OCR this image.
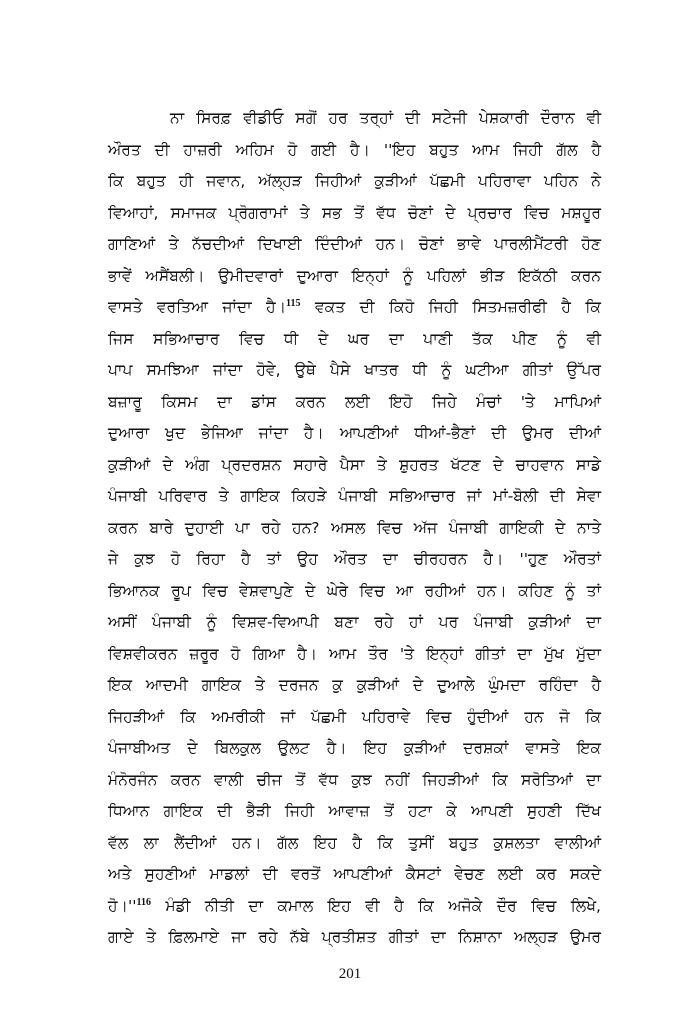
ਨਾ ਸਿਰਫ਼ ਵੀਡੀਓ ਸਗੋਂ ਹਰ ਤਰ੍ਹਾਂ ਦੀ ਸਟੇਜੀ ਪੇਸ਼ਕਾਰੀ ਦੌਰਾਨ ਵੀ
ਔਰਤ ਦੀ ਹਾਜ਼ਰੀ ਅਹਿਮ ਹੋ ਗਈ ਹੈ। ''ਇਹ ਬਹੁਤ ਆਮ ਜਿਹੀ ਗੱਲ ਹੈ
ਕਿ ਬਹੁਤ ਹੀ ਜਵਾਨ, ਅੱਲ੍ਹੜ ਜਿਹੀਆਂ ਕੁੜੀਆਂ ਪੱਛਮੀ ਪਹਿਰਾਵਾ ਪਹਿਨ ਨੇ
ਵਿਆਹਾਂ, ਸਮਾਜਕ ਪ੍ਰੋਗਰਾਮਾਂ ਤੇ ਸਭ ਤੋਂ ਵੱਧ ਚੋਣਾਂ ਦੇ ਪ੍ਰਚਾਰ ਵਿਚ ਮਸ਼ਹੂਰ
ਗਾਣਿਆਂ ਤੇ ਨੱਚਦੀਆਂ ਦਿਖਾਈ ਦਿੰਦੀਆਂ ਹਨ। ਚੋਣਾਂ ਭਾਵੇ ਪਾਰਲੀਮੈਂਟਰੀ ਹੋਣ
ਭਾਵੇਂ ਅਸੈਂਬਲੀ। ਉਮੀਦਵਾਰਾਂ ਦੁਆਰਾ ਇਨ੍ਹਾਂ ਨੂੰ ਪਹਿਲਾਂ ਭੀੜ ਇਕੱਠੀ ਕਰਨ
ਵਾਸਤੇ ਵਰਤਿਆ ਜਾਂਦਾ ਹੈ।$^{115}$ ਵਕਤ ਦੀ ਕਿਹੋ ਜਿਹੀ ਸਿਤਮਜ਼ਰੀਫੀ ਹੈ ਕਿ
ਜਿਸ ਸਭਿਆਚਾਰ ਵਿਚ ਧੀ ਦੇ ਘਰ ਦਾ ਪਾਣੀ ਤੱਕ ਪੀਣ ਨੂੰ ਵੀ
ਪਾਪ ਸਮਝਿਆ ਜਾਂਦਾ ਹੋਵੇ, ਉਥੇ ਪੈਸੇ ਖਾਤਰ ਧੀ ਨੂੰ ਘਟੀਆ ਗੀਤਾਂ ਉੱਪਰ
ਬਜ਼ਾਰੂ ਕਿਸਮ ਦਾ ਡਾਂਸ ਕਰਨ ਲਈ ਇਹੋ ਜਿਹੇ ਮੰਚਾਂ 'ਤੇ ਮਾਪਿਆਂ
ਦੁਆਰਾ ਖੁਦ ਭੇਜਿਆ ਜਾਂਦਾ ਹੈ। ਆਪਣੀਆਂ ਧੀਆਂ-ਭੈਣਾਂ ਦੀ ਉਮਰ ਦੀਆਂ
ਕੁੜੀਆਂ ਦੇ ਅੰਗ ਪ੍ਰਦਰਸ਼ਨ ਸਹਾਰੇ ਪੈਸਾ ਤੇ ਸ਼ੁਹਰਤ ਖੱਟਣ ਦੇ ਚਾਹਵਾਨ ਸਾਡੇ
ਪੰਜਾਬੀ ਪਰਿਵਾਰ ਤੇ ਗਾਇਕ ਕਿਹੜੇ ਪੰਜਾਬੀ ਸਭਿਆਚਾਰ ਜਾਂ ਮਾਂ-ਬੋਲੀ ਦੀ ਸੇਵਾ
ਕਰਨ ਬਾਰੇ ਦੁਹਾਈ ਪਾ ਰਹੇ ਹਨ? ਅਸਲ ਵਿਚ ਅੱਜ ਪੰਜਾਬੀ ਗਾਇਕੀ ਦੇ ਨਾਤੇ
ਜੇ ਕੁਝ ਹੋ ਰਿਹਾ ਹੈ ਤਾਂ ਉਹ ਔਰਤ ਦਾ ਚੀਰਹਰਨ ਹੈ। ''ਹੁਣ ਔਰਤਾਂ
ਭਿਆਨਕ ਰੂਪ ਵਿਚ ਵੇਸ਼ਵਾਪੁਣੇ ਦੇ ਘੇਰੇ ਵਿਚ ਆ ਰਹੀਆਂ ਹਨ। ਕਹਿਣ ਨੂੰ ਤਾਂ
ਅਸੀਂ ਪੰਜਾਬੀ ਨੂੰ ਵਿਸ਼ਵ-ਵਿਆਪੀ ਬਣਾ ਰਹੇ ਹਾਂ ਪਰ ਪੰਜਾਬੀ ਕੁੜੀਆਂ ਦਾ
ਵਿਸ਼ਵੀਕਰਨ ਜ਼ਰੂਰ ਹੋ ਗਿਆ ਹੈ। ਆਮ ਤੌਰ 'ਤੇ ਇਨ੍ਹਾਂ ਗੀਤਾਂ ਦਾ ਮੁੱਖ ਮੁੱਦਾ
ਇਕ ਆਦਮੀ ਗਾਇਕ ਤੇ ਦਰਜਨ ਕੁ ਕੁੜੀਆਂ ਦੇ ਦੁਆਲੇ ਘੁੰਮਦਾ ਰਹਿੰਦਾ ਹੈ
ਜਿਹੜੀਆਂ ਕਿ ਅਮਰੀਕੀ ਜਾਂ ਪੱਛਮੀ ਪਹਿਰਾਵੇ ਵਿਚ ਹੁੰਦੀਆਂ ਹਨ ਜੋ ਕਿ
ਪੰਜਾਬੀਅਤ ਦੇ ਬਿਲਕੁਲ ਉਲਟ ਹੈ। ਇਹ ਕੁੜੀਆਂ ਦਰਸ਼ਕਾਂ ਵਾਸਤੇ ਇਕ
ਮੰਨੋਰਜੰਨ ਕਰਨ ਵਾਲੀ ਚੀਜ ਤੋਂ ਵੱਧ ਕੁਝ ਨਹੀਂ ਜਿਹੜੀਆਂ ਕਿ ਸਰੋਤਿਆਂ ਦਾ
ਧਿਆਨ ਗਾਇਕ ਦੀ ਭੈੜੀ ਜਿਹੀ ਆਵਾਜ਼ ਤੋਂ ਹਟਾ ਕੇ ਆਪਣੀ ਸੁਹਣੀ ਦਿੱਖ
ਵੱਲ ਲਾ ਲੈਂਦੀਆਂ ਹਨ। ਗੱਲ ਇਹ ਹੈ ਕਿ ਤੁਸੀਂ ਬਹੁਤ ਕੁਸ਼ਲਤਾ ਵਾਲੀਆਂ
ਅਤੇ ਸੁਹਣੀਆਂ ਮਾਡਲਾਂ ਦੀ ਵਰਤੋਂ ਆਪਣੀਆਂ ਕੈਸਟਾਂ ਵੇਚਣ ਲਈ ਕਰ ਸਕਦੇ
$ਹੋ।''^{116}$ ਮੰਡੀ ਨੀਤੀ ਦਾ ਕਮਾਲ ਇਹ ਵੀ ਹੈ ਕਿ ਅਜੋਕੇ ਦੌਰ ਵਿਚ ਲਿਖੇ,
ਗਾਏ ਤੇ ਫ਼ਿਲਮਾਏ ਜਾ ਰਹੇ ਨੱਬੇ ਪ੍ਰਤੀਸ਼ਤ ਗੀਤਾਂ ਦਾ ਨਿਸ਼ਾਨਾ ਅਲ੍ਹੜ ਉਮਰ
201
